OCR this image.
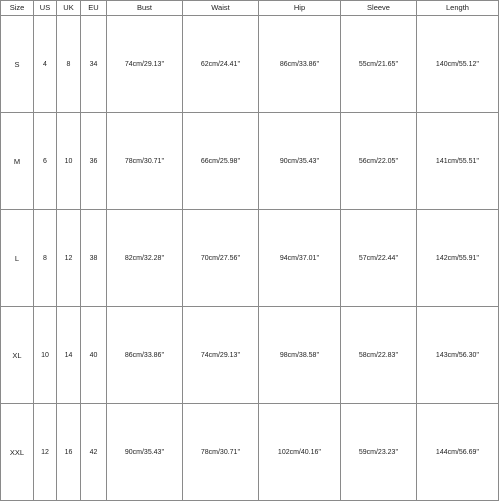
Size	US	UK	EU	Bust	Waist	Hip	Sleeve	Length
S	4	8	34	74cm/29.13''	62cm/24.41''	86cm/33.86''	55cm/21.65''	140cm/55.12''
M	6	10	36	78cm/30.71''	66cm/25.98''	90cm/35.43''	56cm/22.05''	141cm/55.51''
L	8	12	38	82cm/32.28''	70cm/27.56''	94cm/37.01''	57cm/22.44''	142cm/55.91''
XL	10	14	40	86cm/33.86''	74cm/29.13''	98cm/38.58''	58cm/22.83''	143cm/56.30''
XXL	12	16	42	90cm/35.43''	78cm/30.71''	102cm/40.16''	59cm/23.23''	144cm/56.69''
